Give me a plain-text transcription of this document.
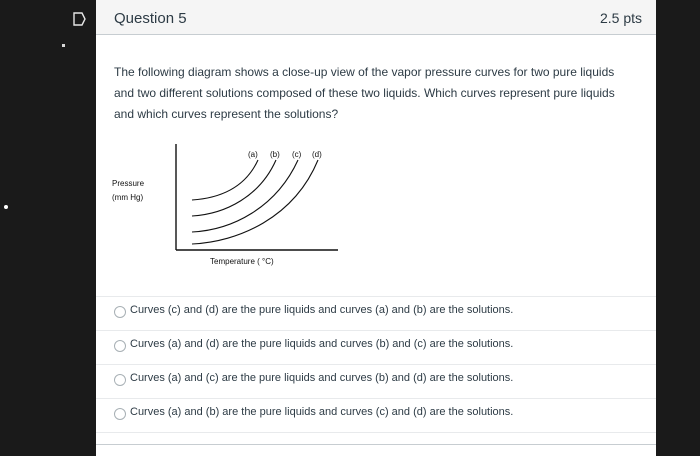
Question 5	2.5 pts
The following diagram shows a close-up view of the vapor pressure curves for two pure liquids and two different solutions composed of these two liquids. Which curves represent pure liquids and which curves represent the solutions?
(a) (b) (c) (d)
Pressure
(mm Hg)
Temperature ( °C)
Curves (c) and (d) are the pure liquids and curves (a) and (b) are the solutions.
Curves (a) and (d) are the pure liquids and curves (b) and (c) are the solutions.
Curves (a) and (c) are the pure liquids and curves (b) and (d) are the solutions.
Curves (a) and (b) are the pure liquids and curves (c) and (d) are the solutions.
